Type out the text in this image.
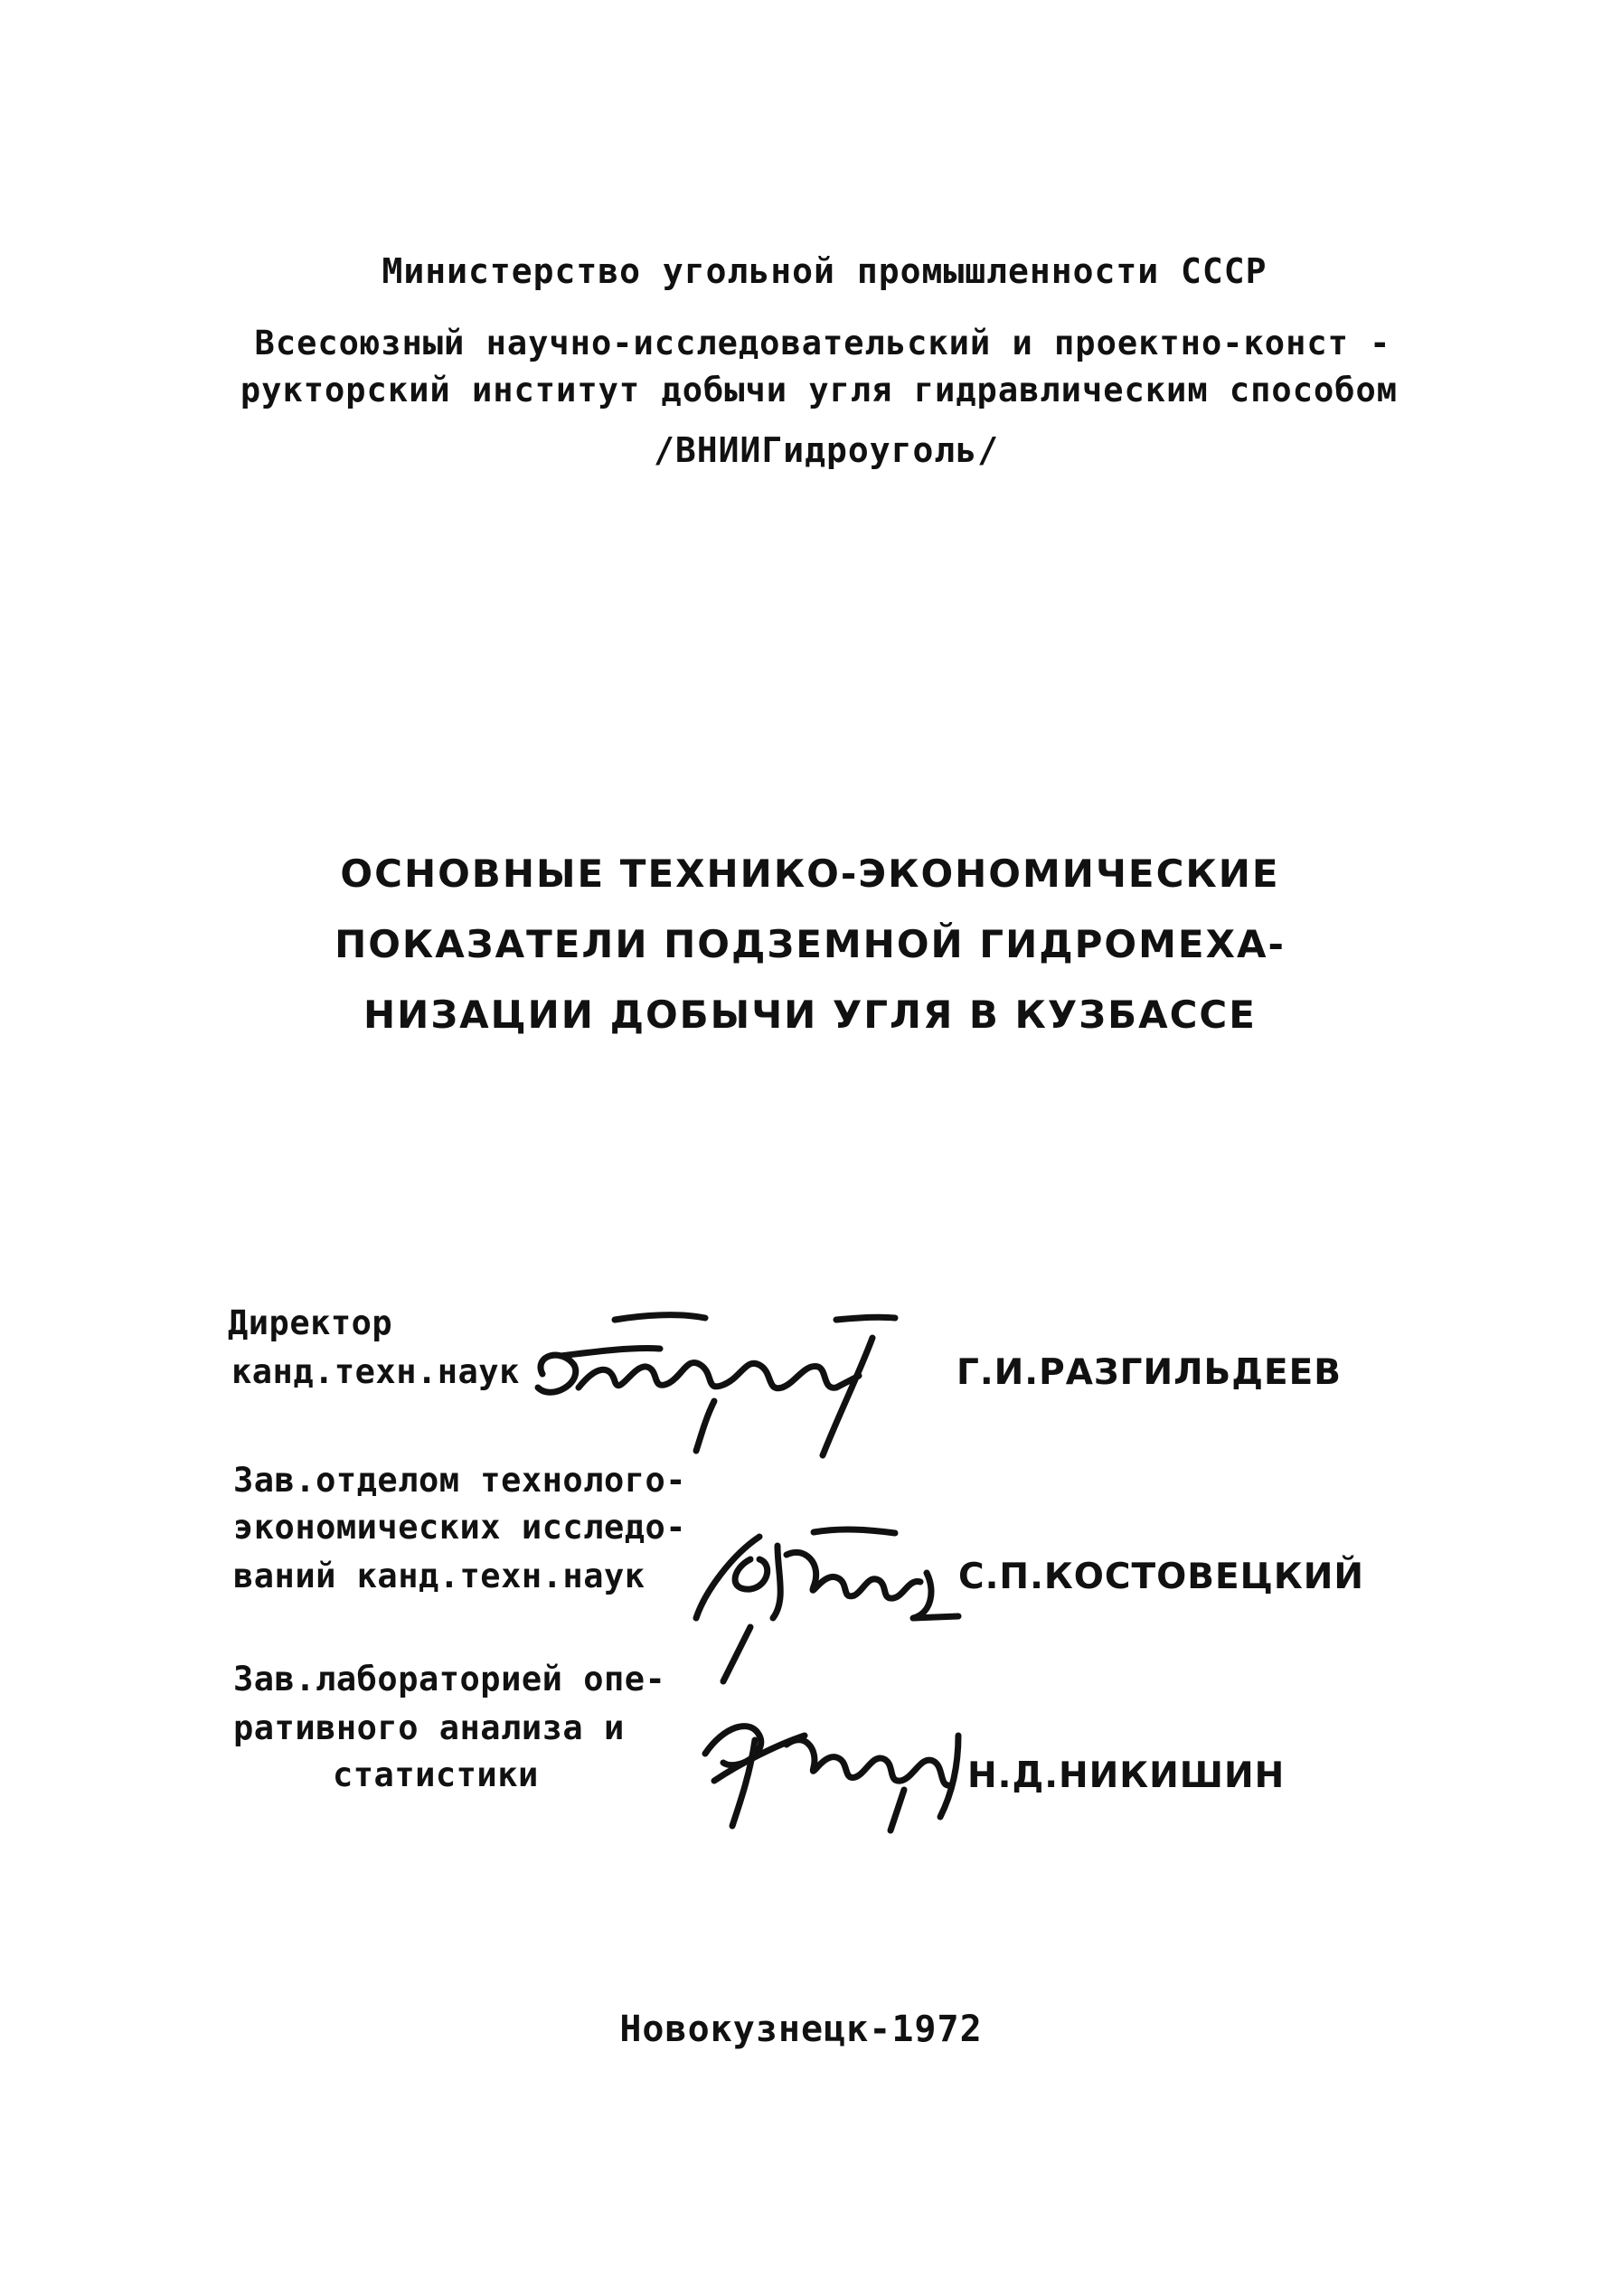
Министерство угольной промышленности СССР
Всесоюзный научно-исследовательский и проектно-конст -
рукторский институт добычи угля гидравлическим способом
/ВНИИГидроуголь/
ОСНОВНЫЕ ТЕХНИКО-ЭКОНОМИЧЕСКИЕ
ПОКАЗАТЕЛИ ПОДЗЕМНОЙ ГИДРОМЕХА-
НИЗАЦИИ ДОБЫЧИ УГЛЯ В КУЗБАССЕ
Директор
канд.техн.наук	Г.И.РАЗГИЛЬДЕЕВ
Зав.отделом технолого-
экономических исследо-
ваний канд.техн.наук	С.П.КОСТОВЕЦКИЙ
Зав.лабораторией опе-
ративного анализа и
статистики	Н.Д.НИКИШИН
Новокузнецк-1972
